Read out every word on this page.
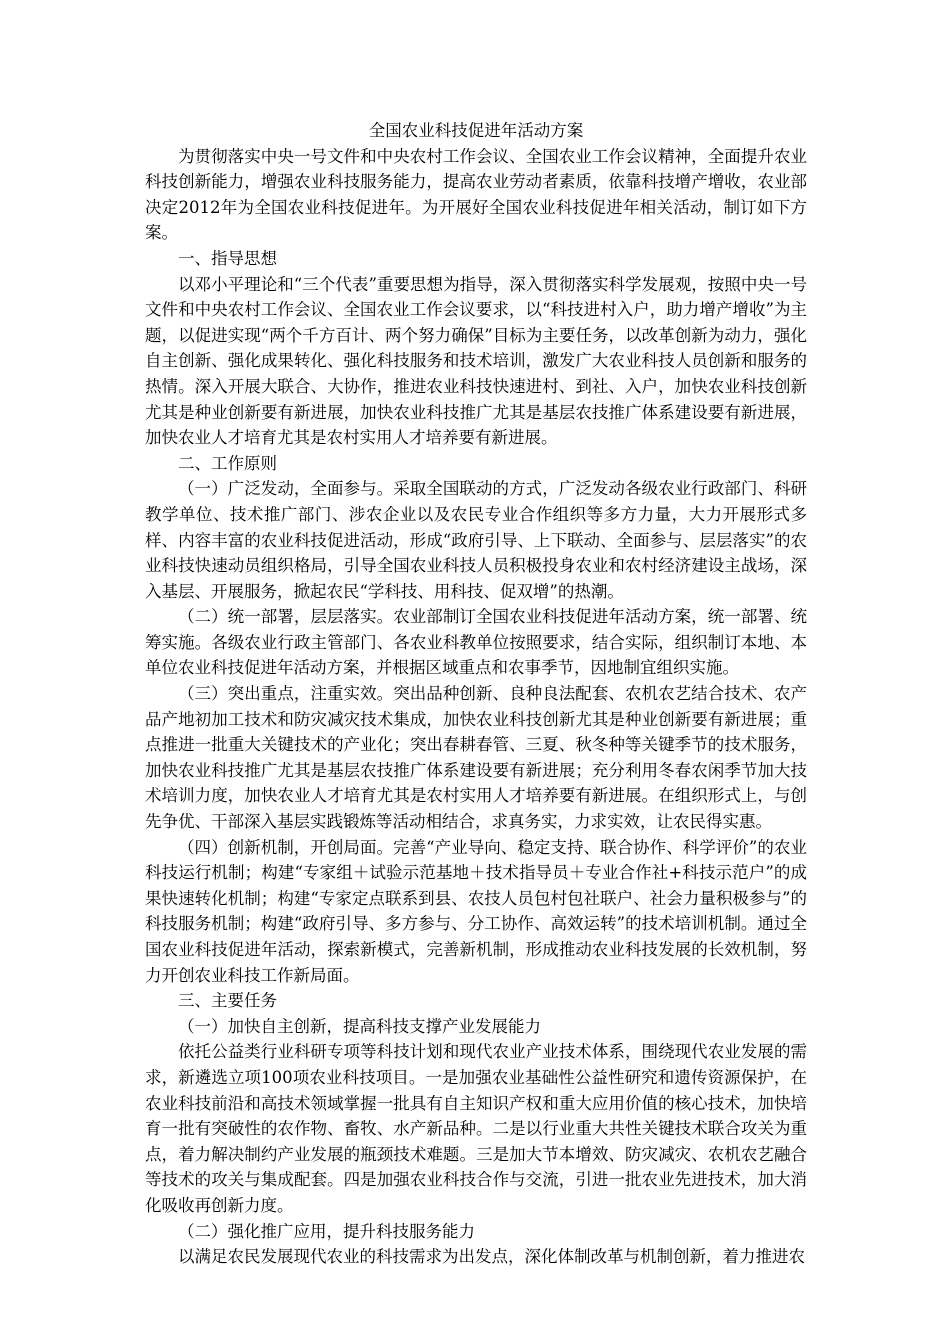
全国农业科技促进年活动方案

为贯彻落实中央一号文件和中央农村工作会议、全国农业工作会议精神，全面提升农业科技创新能力，增强农业科技服务能力，提高农业劳动者素质，依靠科技增产增收，农业部决定2012年为全国农业科技促进年。为开展好全国农业科技促进年相关活动，制订如下方案。

一、指导思想

以邓小平理论和“三个代表”重要思想为指导，深入贯彻落实科学发展观，按照中央一号文件和中央农村工作会议、全国农业工作会议要求，以“科技进村入户，助力增产增收”为主题，以促进实现“两个千方百计、两个努力确保”目标为主要任务，以改革创新为动力，强化自主创新、强化成果转化、强化科技服务和技术培训，激发广大农业科技人员创新和服务的热情。深入开展大联合、大协作，推进农业科技快速进村、到社、入户，加快农业科技创新尤其是种业创新要有新进展，加快农业科技推广尤其是基层农技推广体系建设要有新进展，加快农业人才培育尤其是农村实用人才培养要有新进展。

二、工作原则

（一）广泛发动，全面参与。采取全国联动的方式，广泛发动各级农业行政部门、科研教学单位、技术推广部门、涉农企业以及农民专业合作组织等多方力量，大力开展形式多样、内容丰富的农业科技促进活动，形成“政府引导、上下联动、全面参与、层层落实”的农业科技快速动员组织格局，引导全国农业科技人员积极投身农业和农村经济建设主战场，深入基层、开展服务，掀起农民“学科技、用科技、促双增”的热潮。

（二）统一部署，层层落实。农业部制订全国农业科技促进年活动方案，统一部署、统筹实施。各级农业行政主管部门、各农业科教单位按照要求，结合实际，组织制订本地、本单位农业科技促进年活动方案，并根据区域重点和农事季节，因地制宜组织实施。

（三）突出重点，注重实效。突出品种创新、良种良法配套、农机农艺结合技术、农产品产地初加工技术和防灾减灾技术集成，加快农业科技创新尤其是种业创新要有新进展；重点推进一批重大关键技术的产业化；突出春耕春管、三夏、秋冬种等关键季节的技术服务，加快农业科技推广尤其是基层农技推广体系建设要有新进展；充分利用冬春农闲季节加大技术培训力度，加快农业人才培育尤其是农村实用人才培养要有新进展。在组织形式上，与创先争优、干部深入基层实践锻炼等活动相结合，求真务实，力求实效，让农民得实惠。

（四）创新机制，开创局面。完善“产业导向、稳定支持、联合协作、科学评价”的农业科技运行机制；构建“专家组＋试验示范基地＋技术指导员＋专业合作社+科技示范户”的成果快速转化机制；构建“专家定点联系到县、农技人员包村包社联户、社会力量积极参与”的科技服务机制；构建“政府引导、多方参与、分工协作、高效运转”的技术培训机制。通过全国农业科技促进年活动，探索新模式，完善新机制，形成推动农业科技发展的长效机制，努力开创农业科技工作新局面。

三、主要任务

（一）加快自主创新，提高科技支撑产业发展能力

依托公益类行业科研专项等科技计划和现代农业产业技术体系，围绕现代农业发展的需求，新遴选立项100项农业科技项目。一是加强农业基础性公益性研究和遗传资源保护，在农业科技前沿和高技术领域掌握一批具有自主知识产权和重大应用价值的核心技术，加快培育一批有突破性的农作物、畜牧、水产新品种。二是以行业重大共性关键技术联合攻关为重点，着力解决制约产业发展的瓶颈技术难题。三是加大节本增效、防灾减灾、农机农艺融合等技术的攻关与集成配套。四是加强农业科技合作与交流，引进一批农业先进技术，加大消化吸收再创新力度。

（二）强化推广应用，提升科技服务能力

以满足农民发展现代农业的科技需求为出发点，深化体制改革与机制创新，着力推进农
